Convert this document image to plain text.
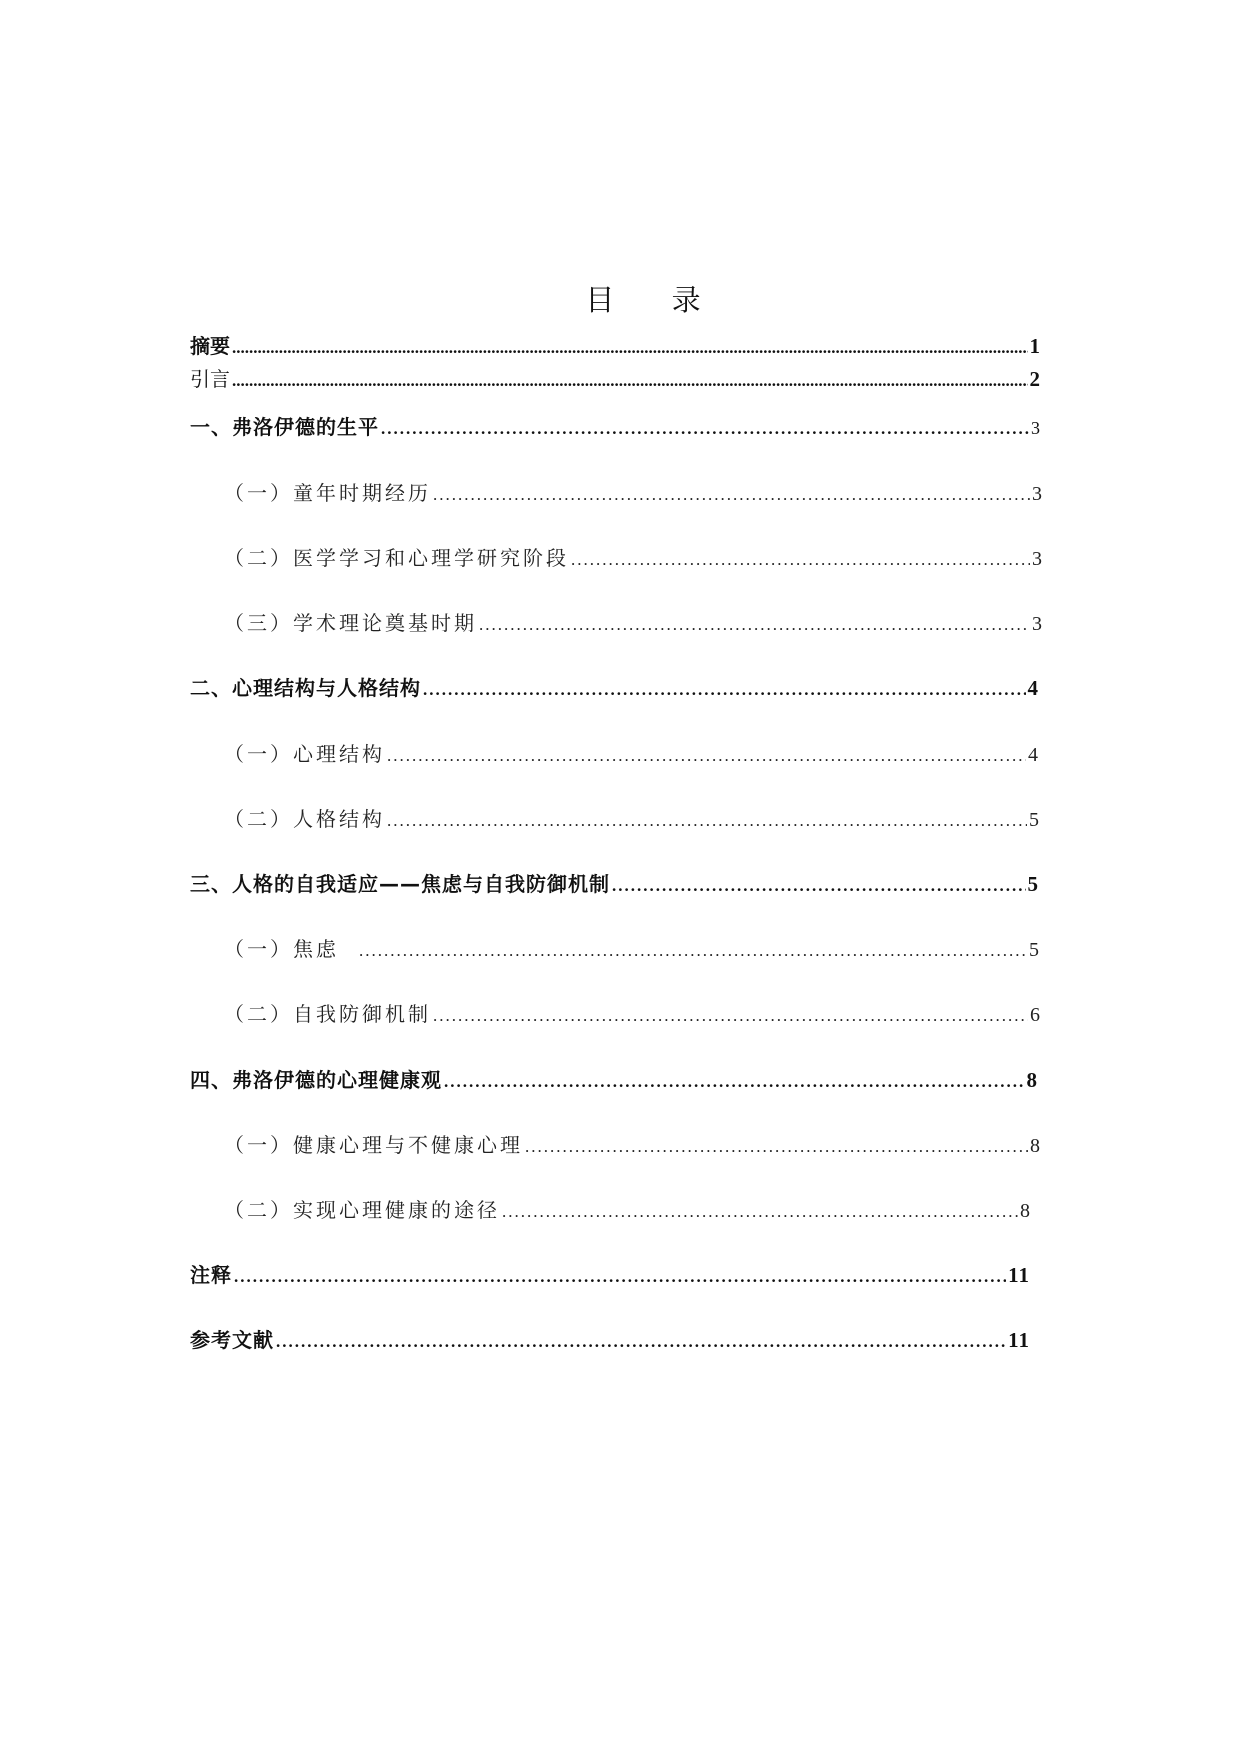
目 录
摘要 .....	1
引言 .....	2
一、弗洛伊德的生平 .....	3
（一）童年时期经历 .....	3
（二）医学学习和心理学研究阶段 .....	3
（三）学术理论奠基时期 .....	3
二、心理结构与人格结构 .....	4
（一）心理结构 .....	4
（二）人格结构 .....	5
三、人格的自我适应——焦虑与自我防御机制 .....	5
（一）焦虑 .....	5
（二）自我防御机制 .....	6
四、弗洛伊德的心理健康观 .....	8
（一）健康心理与不健康心理 .....	8
（二）实现心理健康的途径 .....	8
注释 .....	11
参考文献 .....	11
